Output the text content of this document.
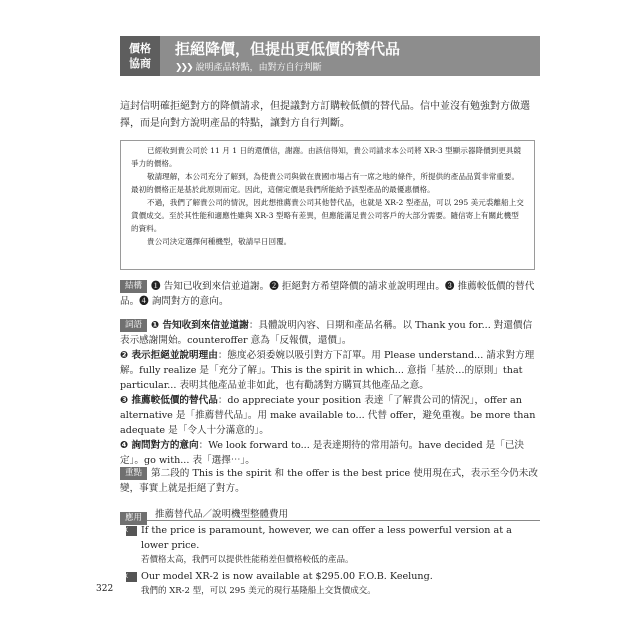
價格
協商
拒絕降價，但提出更低價的替代品
❯❯❯ 說明產品特點，由對方自行判斷
這封信明確拒絕對方的降價請求，但提議對方訂購較低價的替代品。信中並沒有勉強對方做選擇，而是向對方說明產品的特點，讓對方自行判斷。

已經收到貴公司於 11 月 1 日的還價信，謝謝。由該信得知，貴公司請求本公司將 XR-3 型顯示器降價到更具競爭力的價格。

敬請理解，本公司充分了解到，為使貴公司與做在貴國市場占有一席之地的條件，所提供的產品品質非常重要。最初的價格正是基於此原則而定。因此，這個定價是我們所能給予該型產品的最優惠價格。

不過，我們了解貴公司的情況，因此想推薦貴公司其他替代品，也就是 XR-2 型產品，可以 295 美元裘離船上交貨價成交。至於其性能和適應性雖與 XR-3 型略有差異，但應能滿足貴公司客戶的大部分需要。隨信寄上有關此機型的資料。

貴公司決定選擇何種機型，敬請早日回覆。

結構 ❶ 告知已收到來信並道謝。❷ 拒絕對方希望降價的請求並說明理由。❸ 推薦較低價的替代品。❹ 詢問對方的意向。

詞語 ❶ 告知收到來信並道謝：具體說明內容、日期和產品名稱。以 Thank you for... 對還價信表示感謝開始。counteroffer 意為「反報價，還價」。

❷ 表示拒絕並說明理由：態度必須委婉以吸引對方下訂單。用 Please understand... 請求對方理解。fully realize 是「充分了解」。This is the spirit in which... 意指「基於…的原則」that particular... 表明其他產品並非如此，也有勸誘對方購買其他產品之意。

❸ 推薦較低價的替代品：do appreciate your position 表達「了解貴公司的情況」，offer an alternative 是「推薦替代品」。用 make available to... 代替 offer，避免重複。be more than adequate 是「令人十分滿意的」。

❹ 詢問對方的意向：We look forward to... 是表達期待的常用語句。have decided 是「已決定」。go with... 表「選擇⋯」。

重點 第二段的 This is the spirit 和 the offer is the best price 使用現在式，表示至今仍未改變，事實上就是拒絕了對方。
應用	推薦替代品／說明機型整體費用

EX If the price is paramount, however, we can offer a less powerful version at a lower price.

若價格太高，我們可以提供性能稍差但價格較低的產品。

EX Our model XR-2 is now available at $295.00 F.O.B. Keelung.

我們的 XR-2 型，可以 295 美元的現行基隆船上交貨價成交。

322
